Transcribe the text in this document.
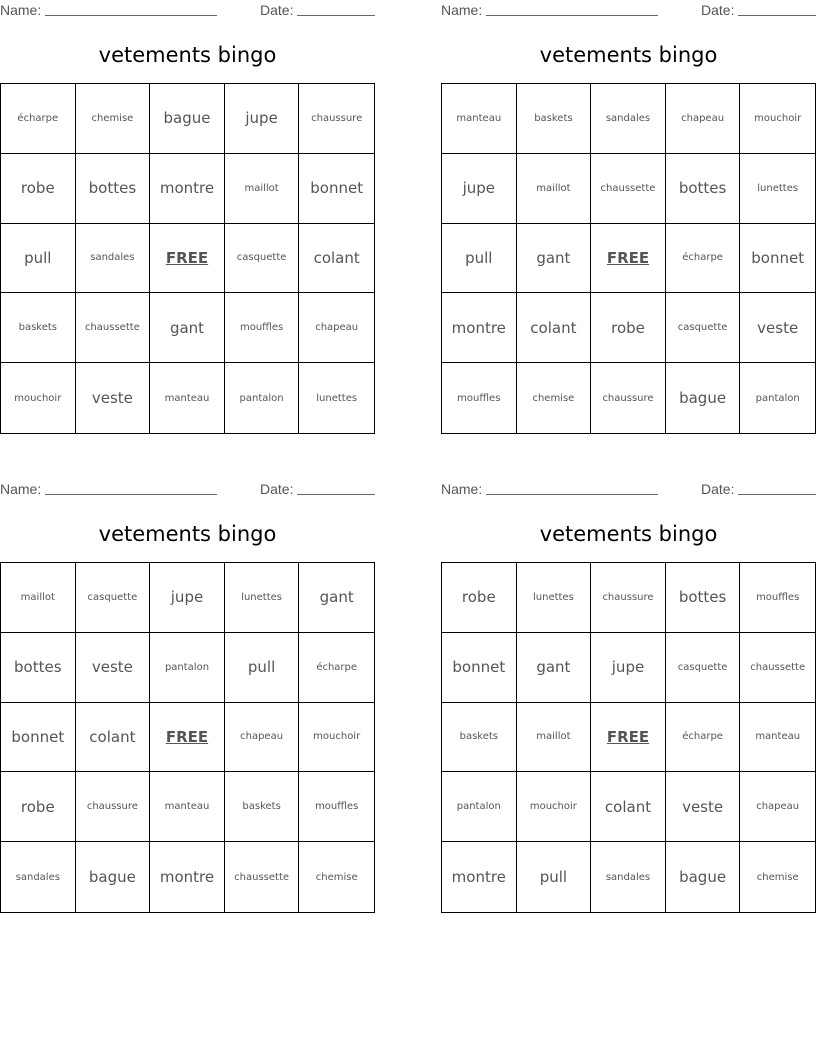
Name:	Date:
vetements bingo
écharpe	chemise	bague	jupe	chaussure
robe	bottes	montre	maillot	bonnet
pull	sandales	FREE	casquette	colant
baskets	chaussette	gant	mouffles	chapeau
mouchoir	veste	manteau	pantalon	lunettes
Name:	Date:
vetements bingo
manteau	baskets	sandales	chapeau	mouchoir
jupe	maillot	chaussette	bottes	lunettes
pull	gant	FREE	écharpe	bonnet
montre	colant	robe	casquette	veste
mouffles	chemise	chaussure	bague	pantalon
Name:	Date:
vetements bingo
maillot	casquette	jupe	lunettes	gant
bottes	veste	pantalon	pull	écharpe
bonnet	colant	FREE	chapeau	mouchoir
robe	chaussure	manteau	baskets	mouffles
sandales	bague	montre	chaussette	chemise
Name:	Date:
vetements bingo
robe	lunettes	chaussure	bottes	mouffles
bonnet	gant	jupe	casquette	chaussette
baskets	maillot	FREE	écharpe	manteau
pantalon	mouchoir	colant	veste	chapeau
montre	pull	sandales	bague	chemise
